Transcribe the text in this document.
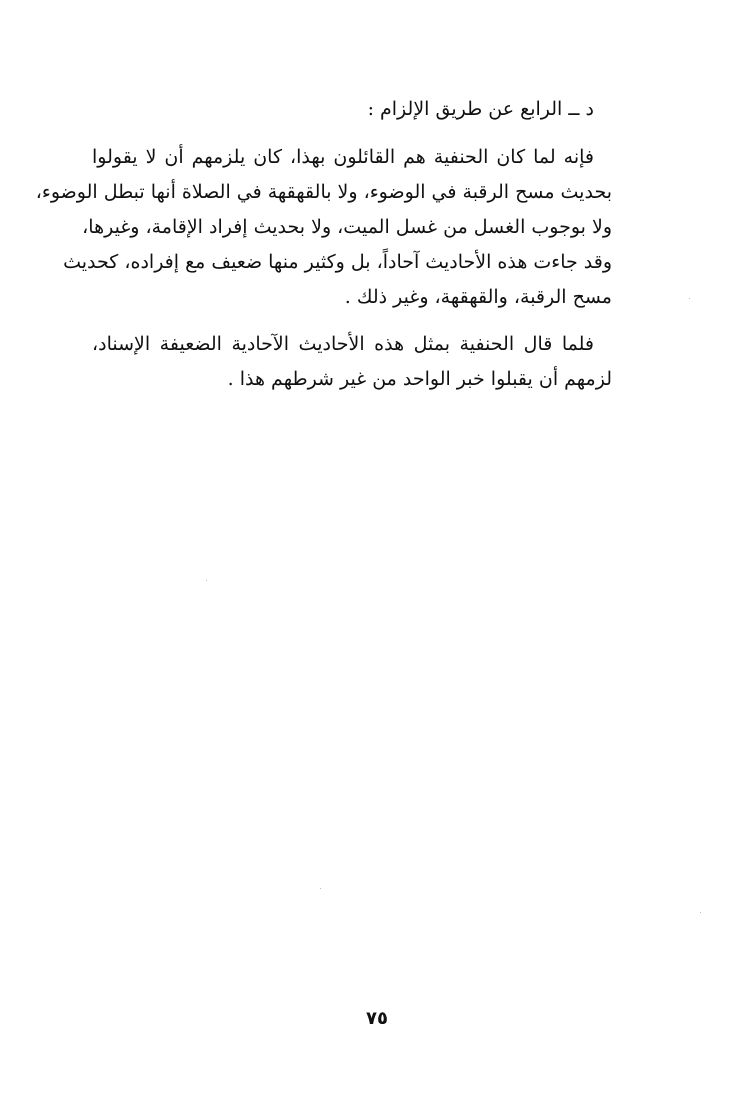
د ــ الرابع عن طريق الإلزام :
فإنه لما كان الحنفية هم القائلون بهذا، كان يلزمهم أن لا يقولوا
بحديث مسح الرقبة في الوضوء، ولا بالقهقهة في الصلاة أنها تبطل الوضوء،
ولا بوجوب الغسل من غسل الميت، ولا بحديث إفراد الإقامة، وغيرها،
وقد جاءت هذه الأحاديث آحاداً، بل وكثير منها ضعيف مع إفراده، كحديث
مسح الرقبة، والقهقهة، وغير ذلك .
فلما قال الحنفية بمثل هذه الأحاديث الآحادية الضعيفة الإسناد،
لزمهم أن يقبلوا خبر الواحد من غير شرطهم هذا .
٧٥
